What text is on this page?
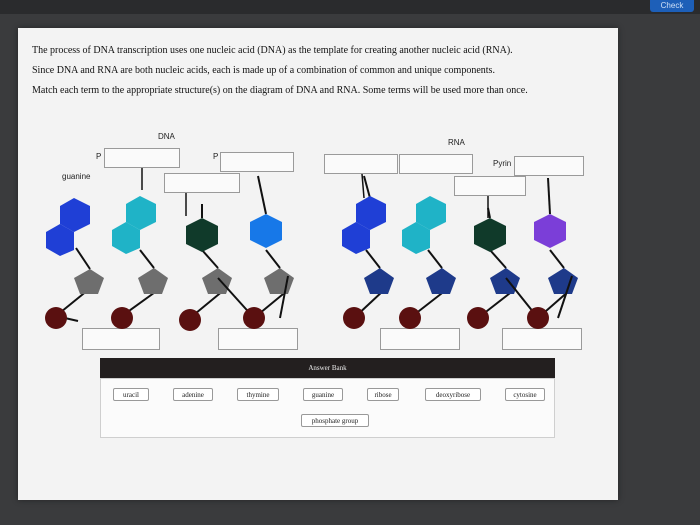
Check

The process of DNA transcription uses one nucleic acid (DNA) as the template for creating another nucleic acid (RNA).

Since DNA and RNA are both nucleic acids, each is made up of a combination of common and unique components.

Match each term to the appropriate structure(s) on the diagram of DNA and RNA. Some terms will be used more than once.

DNA
RNA
guanine
P	P
Pyrin
Answer Bank
uracil	adenine	thymine	guanine	ribose	deoxyribose	cytosine
phosphate group
